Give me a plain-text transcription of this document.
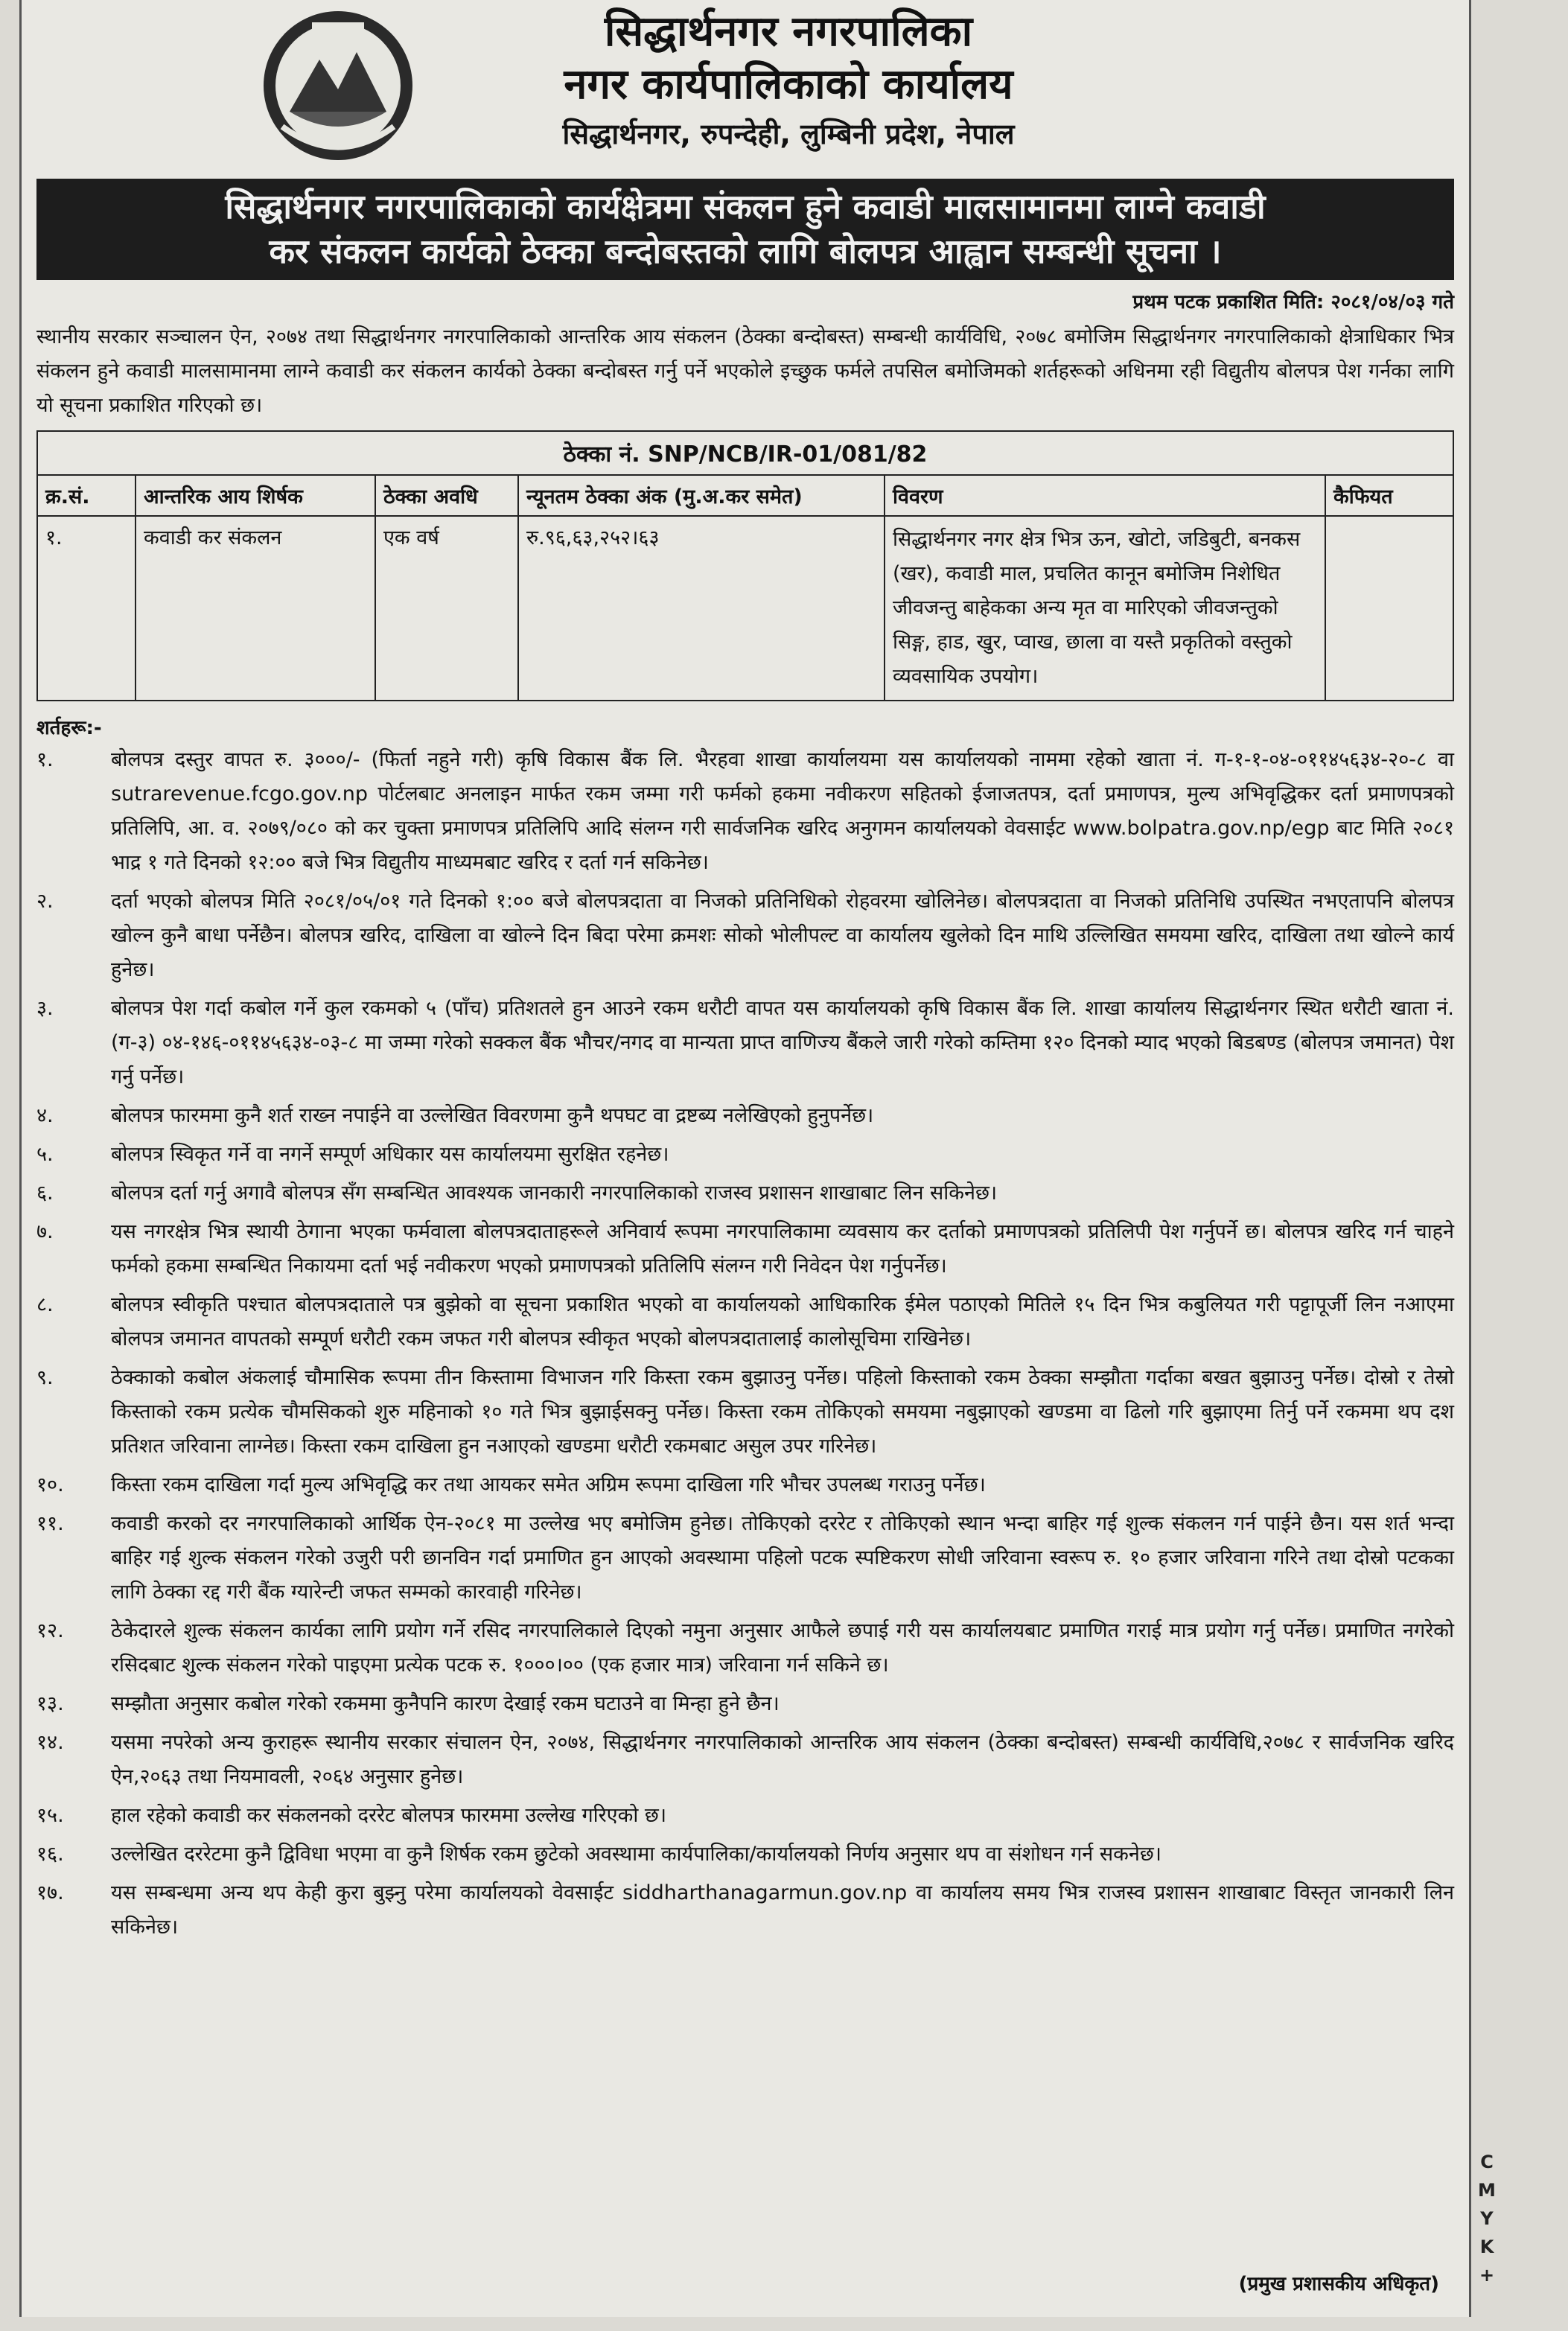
सिद्धार्थनगर नगरपालिका
नगर कार्यपालिकाको कार्यालय
सिद्धार्थनगर, रुपन्देही, लुम्बिनी प्रदेश, नेपाल
सिद्धार्थनगर नगरपालिकाको कार्यक्षेत्रमा संकलन हुने कवाडी मालसामानमा लाग्ने कवाडी
कर संकलन कार्यको ठेक्का बन्दोबस्तको लागि बोलपत्र आह्वान सम्बन्धी सूचना ।
प्रथम पटक प्रकाशित मिति: २०८१/०४/०३ गते
स्थानीय सरकार सञ्चालन ऐन, २०७४ तथा सिद्धार्थनगर नगरपालिकाको आन्तरिक आय संकलन (ठेक्का बन्दोबस्त) सम्बन्धी कार्यविधि, २०७८ बमोजिम सिद्धार्थनगर नगरपालिकाको क्षेत्राधिकार भित्र संकलन हुने कवाडी मालसामानमा लाग्ने कवाडी कर संकलन कार्यको ठेक्का बन्दोबस्त गर्नु पर्ने भएकोले इच्छुक फर्मले तपसिल बमोजिमको शर्तहरूको अधिनमा रही विद्युतीय बोलपत्र पेश गर्नका लागि यो सूचना प्रकाशित गरिएको छ।
ठेक्का नं. SNP/NCB/IR-01/081/82					
क्र.सं.	आन्तरिक आय शिर्षक	ठेक्का अवधि	न्यूनतम ठेक्का अंक (मु.अ.कर समेत)	विवरण	कैफियत
१.	कवाडी कर संकलन	एक वर्ष	रु.९६,६३,२५२।६३	सिद्धार्थनगर नगर क्षेत्र भित्र ऊन, खोटो, जडिबुटी, बनकस (खर), कवाडी माल, प्रचलित कानून बमोजिम निशेधित जीवजन्तु बाहेकका अन्य मृत वा मारिएको जीवजन्तुको सिङ्ग, हाड, खुर, प्वाख, छाला वा यस्तै प्रकृतिको वस्तुको व्यवसायिक उपयोग।	
शर्तहरू:-
१.	बोलपत्र दस्तुर वापत रु. ३०००/- (फिर्ता नहुने गरी) कृषि विकास बैंक लि. भैरहवा शाखा कार्यालयमा यस कार्यालयको नाममा रहेको खाता नं. ग-१-१-०४-०११४५६३४-२०-८ वा sutrarevenue.fcgo.gov.np पोर्टलबाट अनलाइन मार्फत रकम जम्मा गरी फर्मको हकमा नवीकरण सहितको ईजाजतपत्र, दर्ता प्रमाणपत्र, मुल्य अभिवृद्धिकर दर्ता प्रमाणपत्रको प्रतिलिपि, आ. व. २०७९/०८० को कर चुक्ता प्रमाणपत्र प्रतिलिपि आदि संलग्न गरी सार्वजनिक खरिद अनुगमन कार्यालयको वेवसाईट www.bolpatra.gov.np/egp बाट मिति २०८१ भाद्र १ गते दिनको १२:०० बजे भित्र विद्युतीय माध्यमबाट खरिद र दर्ता गर्न सकिनेछ।
२.	दर्ता भएको बोलपत्र मिति २०८१/०५/०१ गते दिनको १:०० बजे बोलपत्रदाता वा निजको प्रतिनिधिको रोहवरमा खोलिनेछ। बोलपत्रदाता वा निजको प्रतिनिधि उपस्थित नभएतापनि बोलपत्र खोल्न कुनै बाधा पर्नेछैन। बोलपत्र खरिद, दाखिला वा खोल्ने दिन बिदा परेमा क्रमशः सोको भोलीपल्ट वा कार्यालय खुलेको दिन माथि उल्लिखित समयमा खरिद, दाखिला तथा खोल्ने कार्य हुनेछ।
३.	बोलपत्र पेश गर्दा कबोल गर्ने कुल रकमको ५ (पाँच) प्रतिशतले हुन आउने रकम धरौटी वापत यस कार्यालयको कृषि विकास बैंक लि. शाखा कार्यालय सिद्धार्थनगर स्थित धरौटी खाता नं. (ग-३) ०४-१४६-०११४५६३४-०३-८ मा जम्मा गरेको सक्कल बैंक भौचर/नगद वा मान्यता प्राप्त वाणिज्य बैंकले जारी गरेको कम्तिमा १२० दिनको म्याद भएको बिडबण्ड (बोलपत्र जमानत) पेश गर्नु पर्नेछ।
४.	बोलपत्र फारममा कुनै शर्त राख्न नपाईने वा उल्लेखित विवरणमा कुनै थपघट वा द्रष्टब्य नलेखिएको हुनुपर्नेछ।
५.	बोलपत्र स्विकृत गर्ने वा नगर्ने सम्पूर्ण अधिकार यस कार्यालयमा सुरक्षित रहनेछ।
६.	बोलपत्र दर्ता गर्नु अगावै बोलपत्र सँग सम्बन्धित आवश्यक जानकारी नगरपालिकाको राजस्व प्रशासन शाखाबाट लिन सकिनेछ।
७.	यस नगरक्षेत्र भित्र स्थायी ठेगाना भएका फर्मवाला बोलपत्रदाताहरूले अनिवार्य रूपमा नगरपालिकामा व्यवसाय कर दर्ताको प्रमाणपत्रको प्रतिलिपी पेश गर्नुपर्ने छ। बोलपत्र खरिद गर्न चाहने फर्मको हकमा सम्बन्धित निकायमा दर्ता भई नवीकरण भएको प्रमाणपत्रको प्रतिलिपि संलग्न गरी निवेदन पेश गर्नुपर्नेछ।
८.	बोलपत्र स्वीकृति पश्चात बोलपत्रदाताले पत्र बुझेको वा सूचना प्रकाशित भएको वा कार्यालयको आधिकारिक ईमेल पठाएको मितिले १५ दिन भित्र कबुलियत गरी पट्टापूर्जी लिन नआएमा बोलपत्र जमानत वापतको सम्पूर्ण धरौटी रकम जफत गरी बोलपत्र स्वीकृत भएको बोलपत्रदातालाई कालोसूचिमा राखिनेछ।
९.	ठेक्काको कबोल अंकलाई चौमासिक रूपमा तीन किस्तामा विभाजन गरि किस्ता रकम बुझाउनु पर्नेछ। पहिलो किस्ताको रकम ठेक्का सम्झौता गर्दाका बखत बुझाउनु पर्नेछ। दोस्रो र तेस्रो किस्ताको रकम प्रत्येक चौमसिकको शुरु महिनाको १० गते भित्र बुझाईसक्नु पर्नेछ। किस्ता रकम तोकिएको समयमा नबुझाएको खण्डमा वा ढिलो गरि बुझाएमा तिर्नु पर्ने रकममा थप दश प्रतिशत जरिवाना लाग्नेछ। किस्ता रकम दाखिला हुन नआएको खण्डमा धरौटी रकमबाट असुल उपर गरिनेछ।
१०.	किस्ता रकम दाखिला गर्दा मुल्य अभिवृद्धि कर तथा आयकर समेत अग्रिम रूपमा दाखिला गरि भौचर उपलब्ध गराउनु पर्नेछ।
११.	कवाडी करको दर नगरपालिकाको आर्थिक ऐन-२०८१ मा उल्लेख भए बमोजिम हुनेछ। तोकिएको दररेट र तोकिएको स्थान भन्दा बाहिर गई शुल्क संकलन गर्न पाईने छैन। यस शर्त भन्दा बाहिर गई शुल्क संकलन गरेको उजुरी परी छानविन गर्दा प्रमाणित हुन आएको अवस्थामा पहिलो पटक स्पष्टिकरण सोधी जरिवाना स्वरूप रु. १० हजार जरिवाना गरिने तथा दोस्रो पटकका लागि ठेक्का रद्द गरी बैंक ग्यारेन्टी जफत सम्मको कारवाही गरिनेछ।
१२.	ठेकेदारले शुल्क संकलन कार्यका लागि प्रयोग गर्ने रसिद नगरपालिकाले दिएको नमुना अनुसार आफैले छपाई गरी यस कार्यालयबाट प्रमाणित गराई मात्र प्रयोग गर्नु पर्नेछ। प्रमाणित नगरेको रसिदबाट शुल्क संकलन गरेको पाइएमा प्रत्येक पटक रु. १०००।०० (एक हजार मात्र) जरिवाना गर्न सकिने छ।
१३.	सम्झौता अनुसार कबोल गरेको रकममा कुनैपनि कारण देखाई रकम घटाउने वा मिन्हा हुने छैन।
१४.	यसमा नपरेको अन्य कुराहरू स्थानीय सरकार संचालन ऐन, २०७४, सिद्धार्थनगर नगरपालिकाको आन्तरिक आय संकलन (ठेक्का बन्दोबस्त) सम्बन्धी कार्यविधि,२०७८ र सार्वजनिक खरिद ऐन,२०६३ तथा नियमावली, २०६४ अनुसार हुनेछ।
१५.	हाल रहेको कवाडी कर संकलनको दररेट बोलपत्र फारममा उल्लेख गरिएको छ।
१६.	उल्लेखित दररेटमा कुनै द्विविधा भएमा वा कुनै शिर्षक रकम छुटेको अवस्थामा कार्यपालिका/कार्यालयको निर्णय अनुसार थप वा संशोधन गर्न सकनेछ।
१७.	यस सम्बन्धमा अन्य थप केही कुरा बुझ्नु परेमा कार्यालयको वेवसाईट siddharthanagarmun.gov.np वा कार्यालय समय भित्र राजस्व प्रशासन शाखाबाट विस्तृत जानकारी लिन सकिनेछ।
(प्रमुख प्रशासकीय अधिकृत)
C
M
Y
K
+
